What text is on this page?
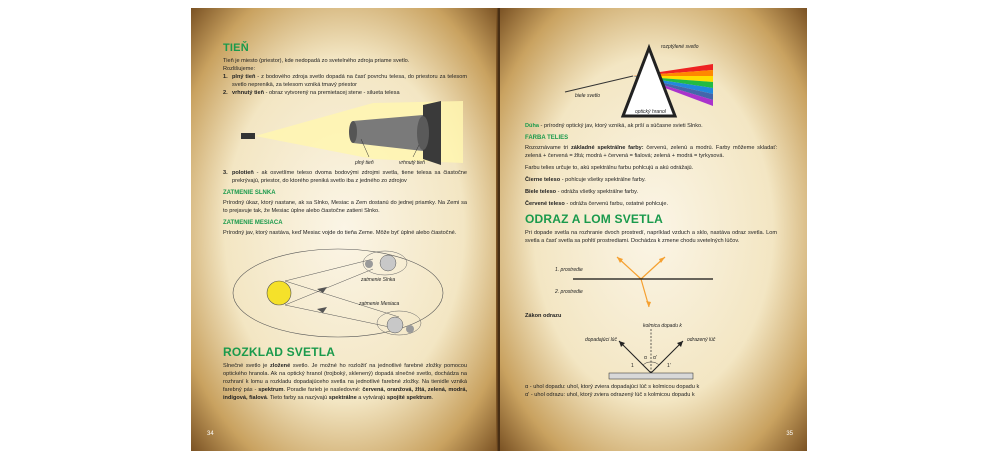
TIEŇ

Tieň je miesto (priestor), kde nedopadá zo svetelného zdroja priame svetlo.
Rozlišujeme:

1. plný tieň - z bodového zdroja svetlo dopadá na časť povrchu telesa, do priestoru za telesom svetlo neprenikä, za telesom vzniká tmavý priestor
2. vrhnutý tieň - obraz vytvorený na premietacej stene - silueta telesa
plný tieň	vrhnutý tieň
3. polotieň - ak osvetlíme teleso dvoma bodovými zdrojmi svetla, tiene telesa sa čiastočne prekrývajú, priestor, do ktorého preniká svetlo iba z jedného zo zdrojov
ZATMENIE SLNKA

Prírodný úkaz, ktorý nastane, ak sa Slnko, Mesiac a Zem dostanú do jednej priamky. Na Zemi sa to prejavuje tak, že Mesiac úplne alebo čiastočne zatieni Slnko.

ZATMENIE MESIACA

Prírodný jav, ktorý nastáva, keď Mesiac vojde do tieňa Zeme. Môže byť úplné alebo čiastočné.

zatmenie Slnka
zatmenie Mesiaca
ROZKLAD SVETLA

Slnečné svetlo je zložené svetlo. Je možné ho rozložiť na jednotlivé farebné zložky pomocou optického hranola. Ak na optický hranol (trojboký, sklenený) dopadá slnečné svetlo, dochádza na rozhraní k lomu a rozkladu dopadajúceho svetla na jednotlivé farebné zložky. Na tienidle vzniká farebný pás - spektrum. Poradie farieb je nasledovné: červená, oranžová, žltá, zelená, modrá, indigová, fialová. Tieto farby sa nazývajú spektrálne a vytvárajú spojité spektrum.

34
rozptýlené svetlo
biele svetlo
optický hranol

Dúha - prírodný optický jav, ktorý vzniká, ak prší a súčasne svieti Slnko.

FARBA TELIES

Rozoznávame tri základné spektrálne farby: červenú, zelenú a modrú. Farby môžeme skladať: zelená + červená = žltá; modrá + červená = fialová; zelená + modrá = tyrkysová.

Farbu telies určuje to, akú spektrálnu farbu pohlcujú a akú odrážajú.

Čierne teleso - pohlcuje všetky spektrálne farby.

Biele teleso - odráža všetky spektrálne farby.

Červené teleso - odráža červenú farbu, ostatné pohlcuje.

ODRAZ A LOM SVETLA

Pri dopade svetla na rozhranie dvoch prostredí, napríklad vzduch a sklo, nastáva odraz svetla. Lom svetla a časť svetla sa pohltí prostrediami. Dochádza k zmene chodu svetelných lúčov.

1. prostredie
2. prostredie
Zákon odrazu
kolmica dopadu k
dopadajúci lúč	odrazený lúč
α α'
1	1'
α - uhol dopadu: uhol, ktorý zviera dopadajúci lúč s kolmicou dopadu k
α' - uhol odrazu: uhol, ktorý zviera odrazený lúč s kolmicou dopadu k
35
